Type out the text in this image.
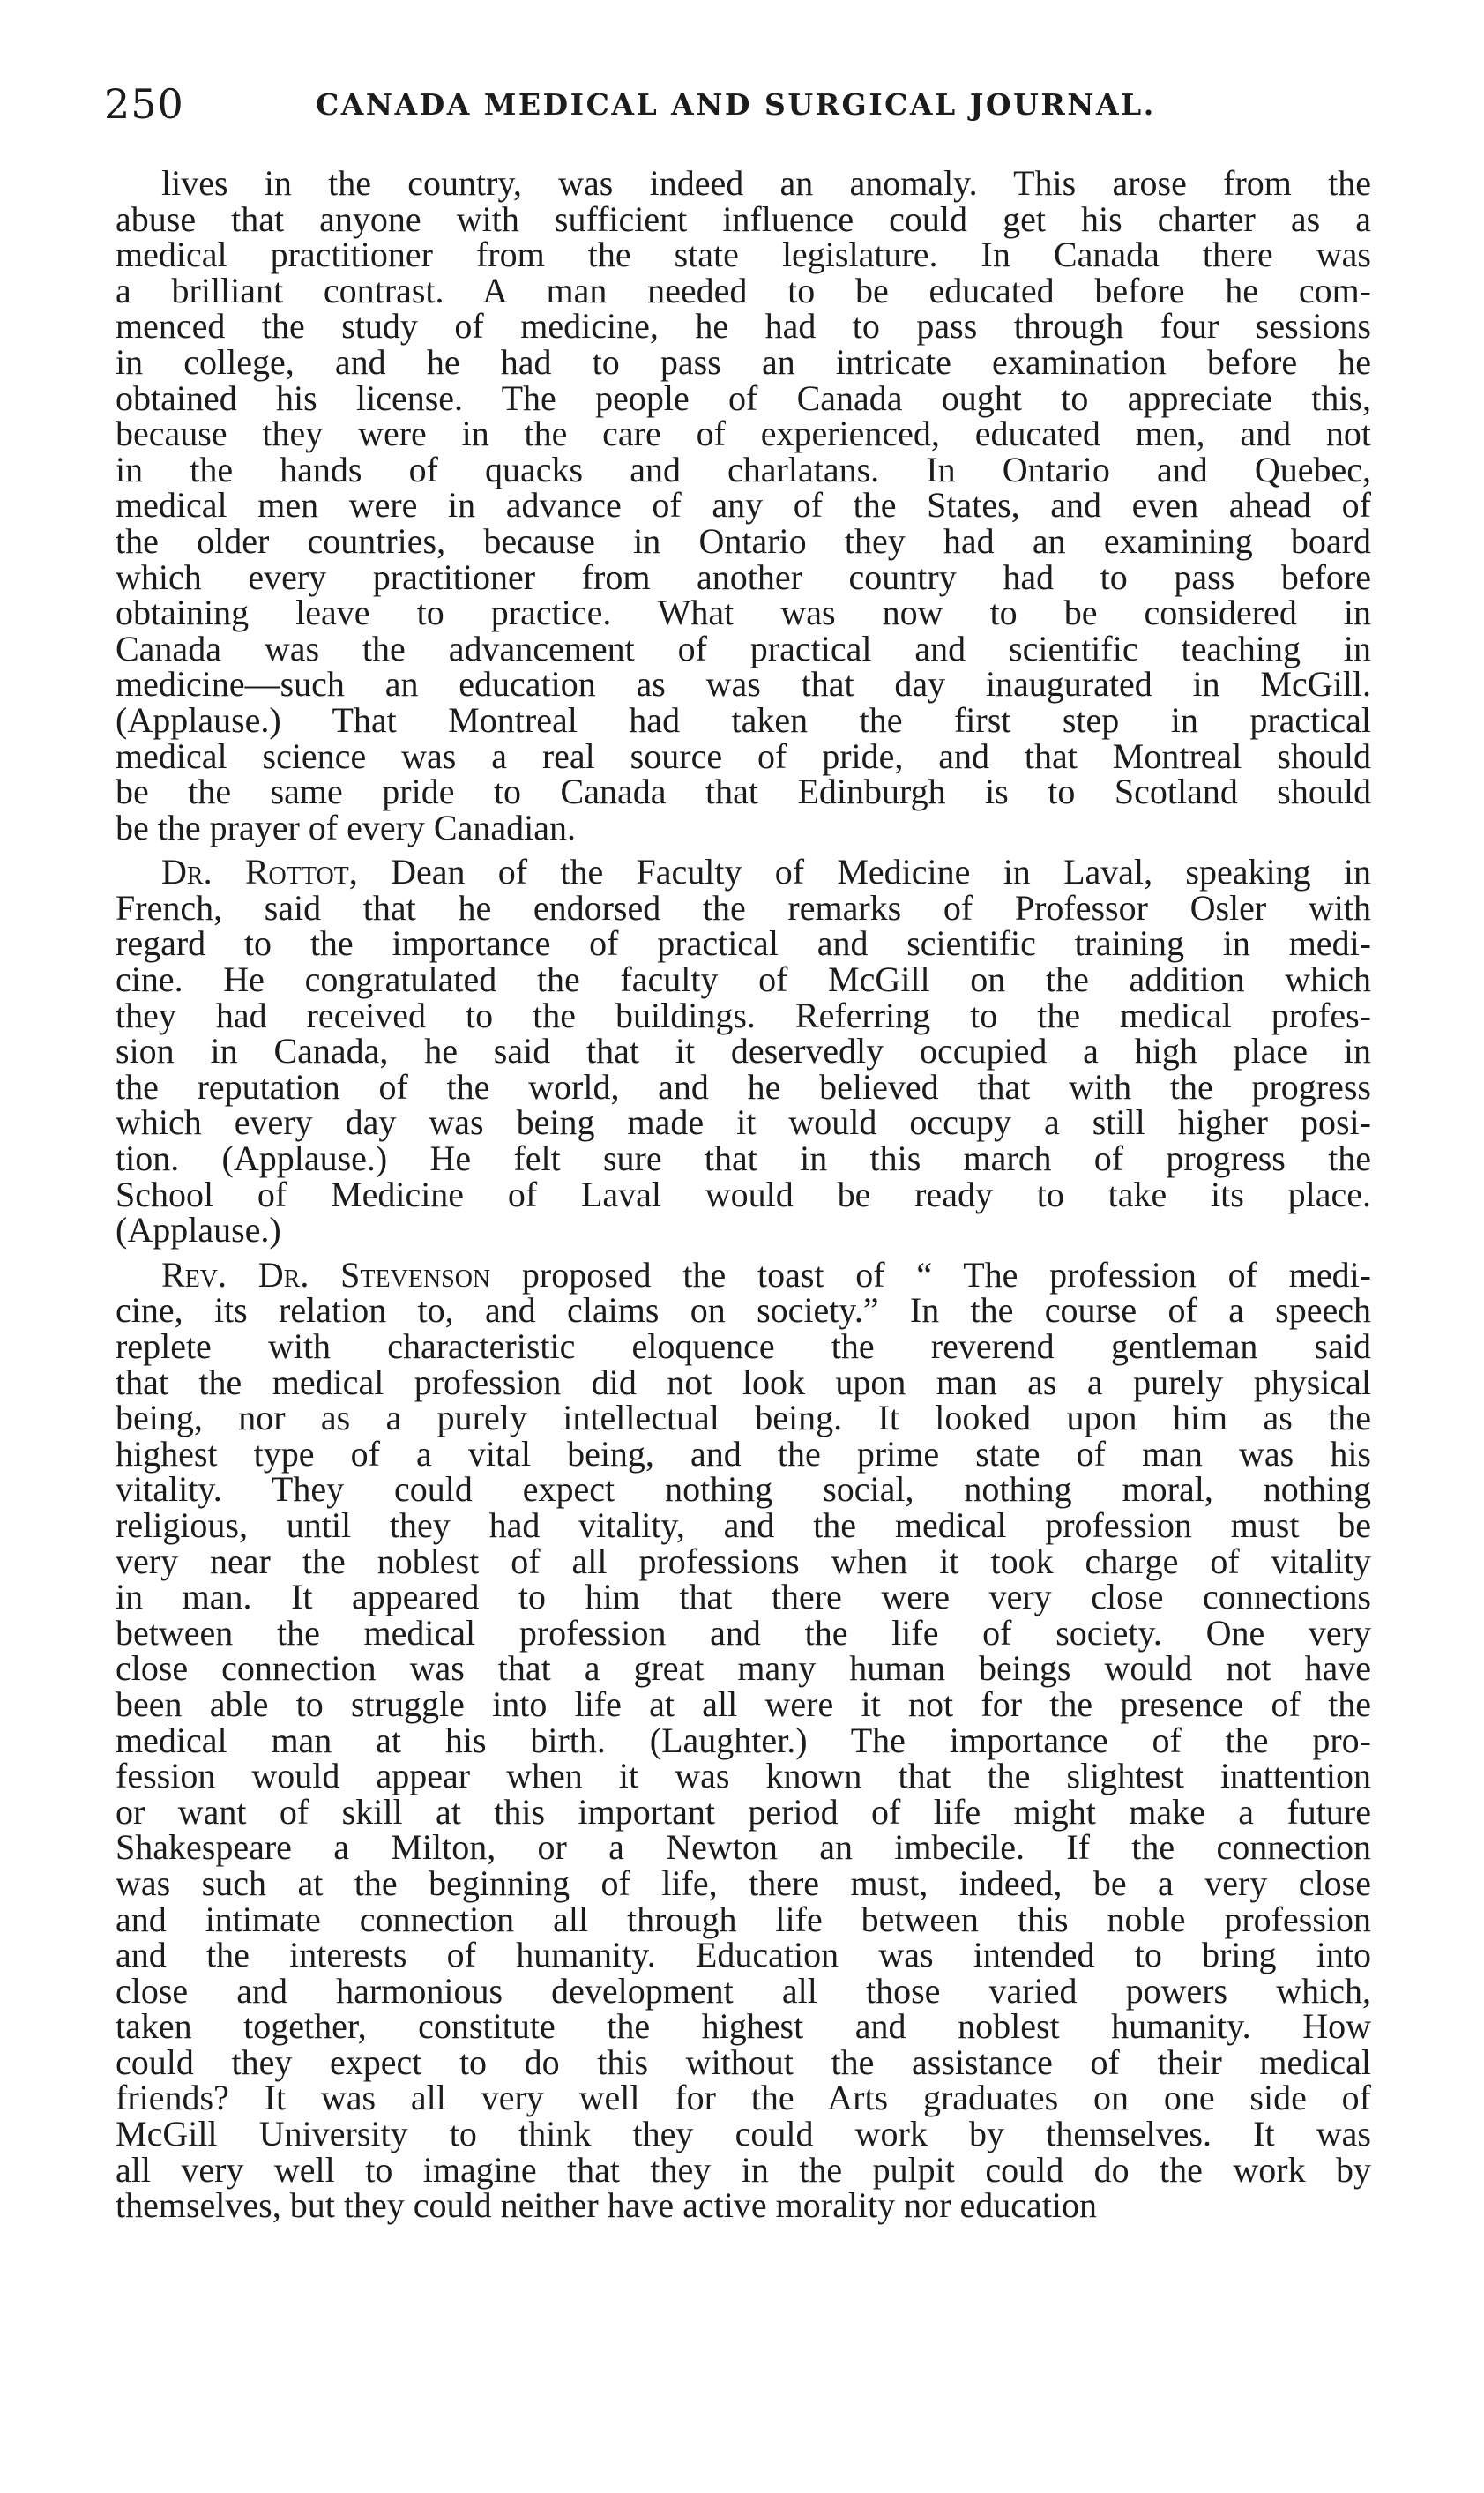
250	CANADA MEDICAL AND SURGICAL JOURNAL.
lives in the country, was indeed an anomaly. This arose from the
abuse that anyone with sufficient influence could get his charter as a
medical practitioner from the state legislature. In Canada there was
a brilliant contrast. A man needed to be educated before he com-
menced the study of medicine, he had to pass through four sessions
in college, and he had to pass an intricate examination before he
obtained his license. The people of Canada ought to appreciate this,
because they were in the care of experienced, educated men, and not
in the hands of quacks and charlatans. In Ontario and Quebec,
medical men were in advance of any of the States, and even ahead of
the older countries, because in Ontario they had an examining board
which every practitioner from another country had to pass before
obtaining leave to practice. What was now to be considered in
Canada was the advancement of practical and scientific teaching in
medicine—such an education as was that day inaugurated in McGill.
(Applause.) That Montreal had taken the first step in practical
medical science was a real source of pride, and that Montreal should
be the same pride to Canada that Edinburgh is to Scotland should
be the prayer of every Canadian.
Dr. Rottot, Dean of the Faculty of Medicine in Laval, speaking in
French, said that he endorsed the remarks of Professor Osler with
regard to the importance of practical and scientific training in medi-
cine. He congratulated the faculty of McGill on the addition which
they had received to the buildings. Referring to the medical profes-
sion in Canada, he said that it deservedly occupied a high place in
the reputation of the world, and he believed that with the progress
which every day was being made it would occupy a still higher posi-
tion. (Applause.) He felt sure that in this march of progress the
School of Medicine of Laval would be ready to take its place.
(Applause.)
Rev. Dr. Stevenson proposed the toast of “ The profession of medi-
cine, its relation to, and claims on society.” In the course of a speech
replete with characteristic eloquence the reverend gentleman said
that the medical profession did not look upon man as a purely physical
being, nor as a purely intellectual being. It looked upon him as the
highest type of a vital being, and the prime state of man was his
vitality. They could expect nothing social, nothing moral, nothing
religious, until they had vitality, and the medical profession must be
very near the noblest of all professions when it took charge of vitality
in man. It appeared to him that there were very close connections
between the medical profession and the life of society. One very
close connection was that a great many human beings would not have
been able to struggle into life at all were it not for the presence of the
medical man at his birth. (Laughter.) The importance of the pro-
fession would appear when it was known that the slightest inattention
or want of skill at this important period of life might make a future
Shakespeare a Milton, or a Newton an imbecile. If the connection
was such at the beginning of life, there must, indeed, be a very close
and intimate connection all through life between this noble profession
and the interests of humanity. Education was intended to bring into
close and harmonious development all those varied powers which,
taken together, constitute the highest and noblest humanity. How
could they expect to do this without the assistance of their medical
friends? It was all very well for the Arts graduates on one side of
McGill University to think they could work by themselves. It was
all very well to imagine that they in the pulpit could do the work by
themselves, but they could neither have active morality nor education
